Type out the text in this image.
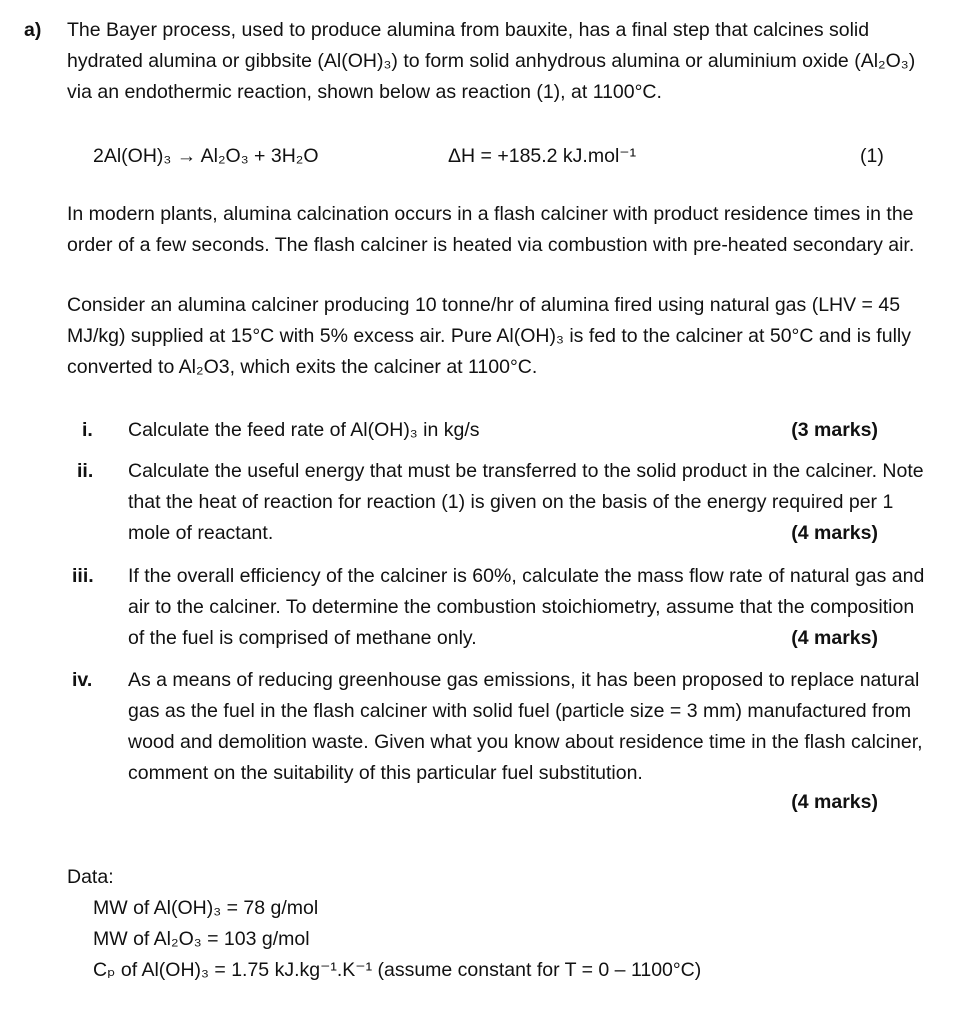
a) The Bayer process, used to produce alumina from bauxite, has a final step that calcines solid
hydrated alumina or gibbsite (Al(OH)₃) to form solid anhydrous alumina or aluminium oxide (Al₂O₃)
via an endothermic reaction, shown below as reaction (1), at 1100°C.
2Al(OH)₃ → Al₂O₃ + 3H₂O	ΔH = +185.2 kJ.mol⁻¹	(1)
In modern plants, alumina calcination occurs in a flash calciner with product residence times in the
order of a few seconds. The flash calciner is heated via combustion with pre-heated secondary air.
Consider an alumina calciner producing 10 tonne/hr of alumina fired using natural gas (LHV = 45
MJ/kg) supplied at 15°C with 5% excess air. Pure Al(OH)₃ is fed to the calciner at 50°C and is fully
converted to Al₂O3, which exits the calciner at 1100°C.
i. Calculate the feed rate of Al(OH)₃ in kg/s	(3 marks)
ii. Calculate the useful energy that must be transferred to the solid product in the calciner. Note
that the heat of reaction for reaction (1) is given on the basis of the energy required per 1
mole of reactant.	(4 marks)
iii. If the overall efficiency of the calciner is 60%, calculate the mass flow rate of natural gas and
air to the calciner. To determine the combustion stoichiometry, assume that the composition
of the fuel is comprised of methane only.	(4 marks)
iv. As a means of reducing greenhouse gas emissions, it has been proposed to replace natural
gas as the fuel in the flash calciner with solid fuel (particle size = 3 mm) manufactured from
wood and demolition waste. Given what you know about residence time in the flash calciner,
comment on the suitability of this particular fuel substitution.
(4 marks)
Data:
MW of Al(OH)₃ = 78 g/mol
MW of Al₂O₃ = 103 g/mol
Cₚ of Al(OH)₃ = 1.75 kJ.kg⁻¹.K⁻¹ (assume constant for T = 0 – 1100°C)
